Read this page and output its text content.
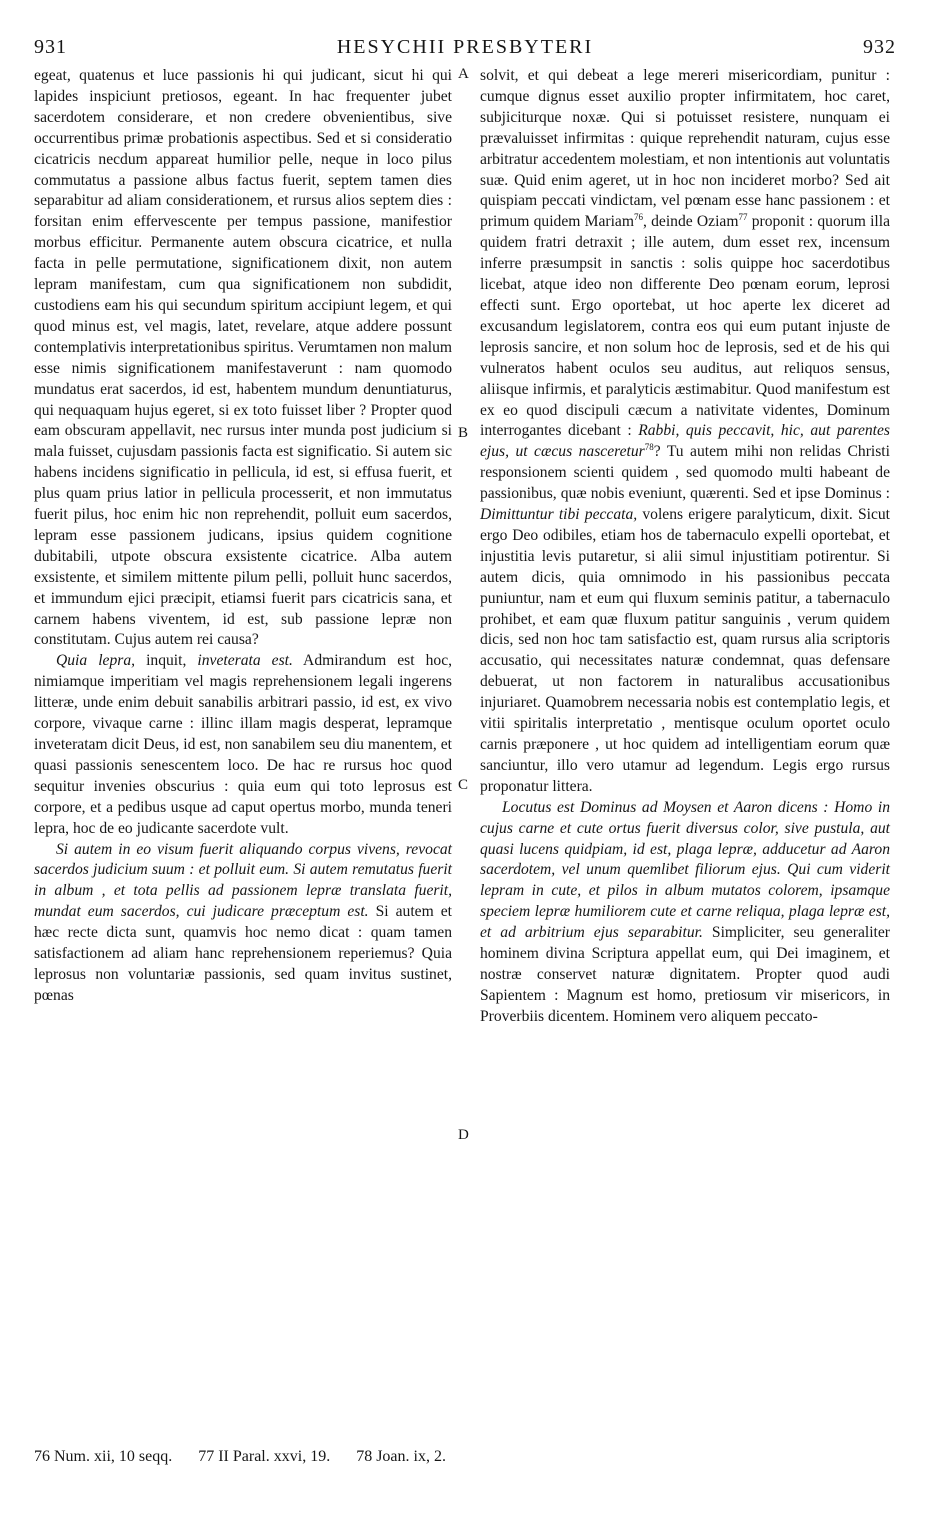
931	HESYCHII PRESBYTERI	932

egeat, quatenus et luce passionis hi qui judicant, sicut hi qui lapides inspiciunt pretiosos, egeant. In hac frequenter jubet sacerdotem considerare, et non credere obvenientibus, sive occurrentibus primæ probationis aspectibus. Sed et si consideratio cicatricis necdum appareat humilior pelle, neque in loco pilus commutatus a passione albus factus fuerit, septem tamen dies separabitur ad aliam considerationem, et rursus alios septem dies : forsitan enim effervescente per tempus passione, manifestior morbus efficitur. Permanente autem obscura cicatrice, et nulla facta in pelle permutatione, significationem dixit, non autem lepram manifestam, cum qua significationem non subdidit, custodiens eam his qui secundum spiritum accipiunt legem, et qui quod minus est, vel magis, latet, revelare, atque addere possunt contemplativis interpretationibus spiritus. Verumtamen non malum esse nimis significationem manifestaverunt : nam quomodo mundatus erat sacerdos, id est, habentem mundum denuntiaturus, qui nequaquam hujus egeret, si ex toto fuisset liber ? Propter quod eam obscuram appellavit, nec rursus inter munda post judicium si mala fuisset, cujusdam passionis facta est significatio. Si autem sic habens incidens significatio in pellicula, id est, si effusa fuerit, et plus quam prius latior in pellicula processerit, et non immutatus fuerit pilus, hoc enim hic non reprehendit, polluit eum sacerdos, lepram esse passionem judicans, ipsius quidem cognitione dubitabili, utpote obscura exsistente cicatrice. Alba autem exsistente, et similem mittente pilum pelli, polluit hunc sacerdos, et immundum ejici præcipit, etiamsi fuerit pars cicatricis sana, et carnem habens viventem, id est, sub passione lepræ non constitutam. Cujus autem rei causa?

Quia lepra, inquit, inveterata est. Admirandum est hoc, nimiamque imperitiam vel magis reprehensionem legali ingerens litteræ, unde enim debuit sanabilis arbitrari passio, id est, ex vivo corpore, vivaque carne : illinc illam magis desperat, lepramque inveteratam dicit Deus, id est, non sanabilem seu diu manentem, et quasi passionis senescentem loco. De hac re rursus hoc quod sequitur invenies obscurius : quia eum qui toto leprosus est corpore, et a pedibus usque ad caput opertus morbo, munda teneri lepra, hoc de eo judicante sacerdote vult.

Si autem in eo visum fuerit aliquando corpus vivens, revocat sacerdos judicium suum : et polluit eum. Si autem remutatus fuerit in album , et tota pellis ad passionem lepræ translata fuerit, mundat eum sacerdos, cui judicare præceptum est. Si autem et hæc recte dicta sunt, quamvis hoc nemo dicat : quam tamen satisfactionem ad aliam hanc reprehensionem reperiemus? Quia leprosus non voluntariæ passionis, sed quam invitus sustinet, pœnas

A
B
C
D

solvit, et qui debeat a lege mereri misericordiam, punitur : cumque dignus esset auxilio propter infirmitatem, hoc caret, subjiciturque noxæ. Qui si potuisset resistere, nunquam ei prævaluisset infirmitas : quique reprehendit naturam, cujus esse arbitratur accedentem molestiam, et non intentionis aut voluntatis suæ. Quid enim ageret, ut in hoc non incideret morbo? Sed ait quispiam peccati vindictam, vel pœnam esse hanc passionem : et primum quidem Mariam$^{76}$, deinde Oziam$^{77}$ proponit : quorum illa quidem fratri detraxit ; ille autem, dum esset rex, incensum inferre præsumpsit in sanctis : solis quippe hoc sacerdotibus licebat, atque ideo non differente Deo pœnam eorum, leprosi effecti sunt. Ergo oportebat, ut hoc aperte lex diceret ad excusandum legislatorem, contra eos qui eum putant injuste de leprosis sancire, et non solum hoc de leprosis, sed et de his qui vulneratos habent oculos seu auditus, aut reliquos sensus, aliisque infirmis, et paralyticis æstimabitur. Quod manifestum est ex eo quod discipuli cæcum a nativitate videntes, Dominum interrogantes dicebant : Rabbi, quis peccavit, hic, aut parentes ejus, ut cæcus nasceretur$^{78}$? Tu autem mihi non relidas Christi responsionem scienti quidem , sed quomodo multi habeant de passionibus, quæ nobis eveniunt, quærenti. Sed et ipse Dominus : Dimittuntur tibi peccata, volens erigere paralyticum, dixit. Sicut ergo Deo odibiles, etiam hos de tabernaculo expelli oportebat, et injustitia levis putaretur, si alii simul injustitiam potirentur. Si autem dicis, quia omnimodo in his passionibus peccata puniuntur, nam et eum qui fluxum seminis patitur, a tabernaculo prohibet, et eam quæ fluxum patitur sanguinis , verum quidem dicis, sed non hoc tam satisfactio est, quam rursus alia scriptoris accusatio, qui necessitates naturæ condemnat, quas defensare debuerat, ut non factorem in naturalibus accusationibus injuriaret. Quamobrem necessaria nobis est contemplatio legis, et vitii spiritalis interpretatio , mentisque oculum oportet oculo carnis præponere , ut hoc quidem ad intelligentiam eorum quæ sanciuntur, illo vero utamur ad legendum. Legis ergo rursus proponatur littera.

Locutus est Dominus ad Moysen et Aaron dicens : Homo in cujus carne et cute ortus fuerit diversus color, sive pustula, aut quasi lucens quidpiam, id est, plaga lepræ, adducetur ad Aaron sacerdotem, vel unum quemlibet filiorum ejus. Qui cum viderit lepram in cute, et pilos in album mutatos colorem, ipsamque speciem lepræ humiliorem cute et carne reliqua, plaga lepræ est, et ad arbitrium ejus separabitur. Simpliciter, seu generaliter hominem divina Scriptura appellat eum, qui Dei imaginem, et nostræ conservet naturæ dignitatem. Propter quod audi Sapientem : Magnum est homo, pretiosum vir misericors, in Proverbiis dicentem. Hominem vero aliquem peccato-

76 Num. xii, 10 seqq. 77 II Paral. xxvi, 19. 78 Joan. ix, 2.
